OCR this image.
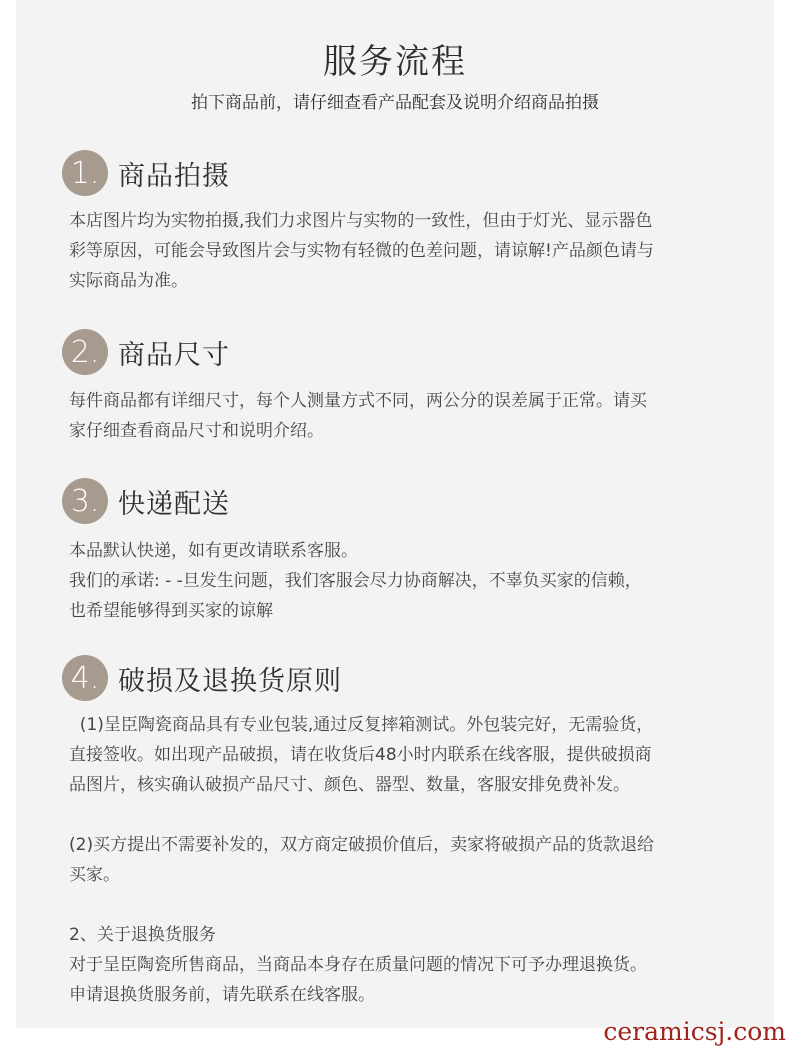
服务流程
拍下商品前，请仔细查看产品配套及说明介绍商品拍摄
1. 商品拍摄

本店图片均为实物拍摄,我们力求图片与实物的一致性，但由于灯光、显示器色

彩等原因，可能会导致图片会与实物有轻微的色差问题，请谅解!产品颜色请与

实际商品为准。

2. 商品尺寸

每件商品都有详细尺寸，每个人测量方式不同，两公分的误差属于正常。请买

家仔细查看商品尺寸和说明介绍。

3. 快递配送

本品默认快递，如有更改请联系客服。

我们的承诺: - -旦发生问题，我们客服会尽力协商解决，不辜负买家的信赖，

也希望能够得到买家的谅解

4. 破损及退换货原则

(1)呈臣陶瓷商品具有专业包装,通过反复摔箱测试。外包装完好，无需验货，

直接签收。如出现产品破损，请在收货后48小时内联系在线客服，提供破损商

品图片，核实确认破损产品尺寸、颜色、器型、数量，客服安排免费补发。

(2)买方提出不需要补发的，双方商定破损价值后，卖家将破损产品的货款退给

买家。

2、关于退换货服务

对于呈臣陶瓷所售商品，当商品本身存在质量问题的情况下可予办理退换货。

申请退换货服务前，请先联系在线客服。

ceramicsj.com
